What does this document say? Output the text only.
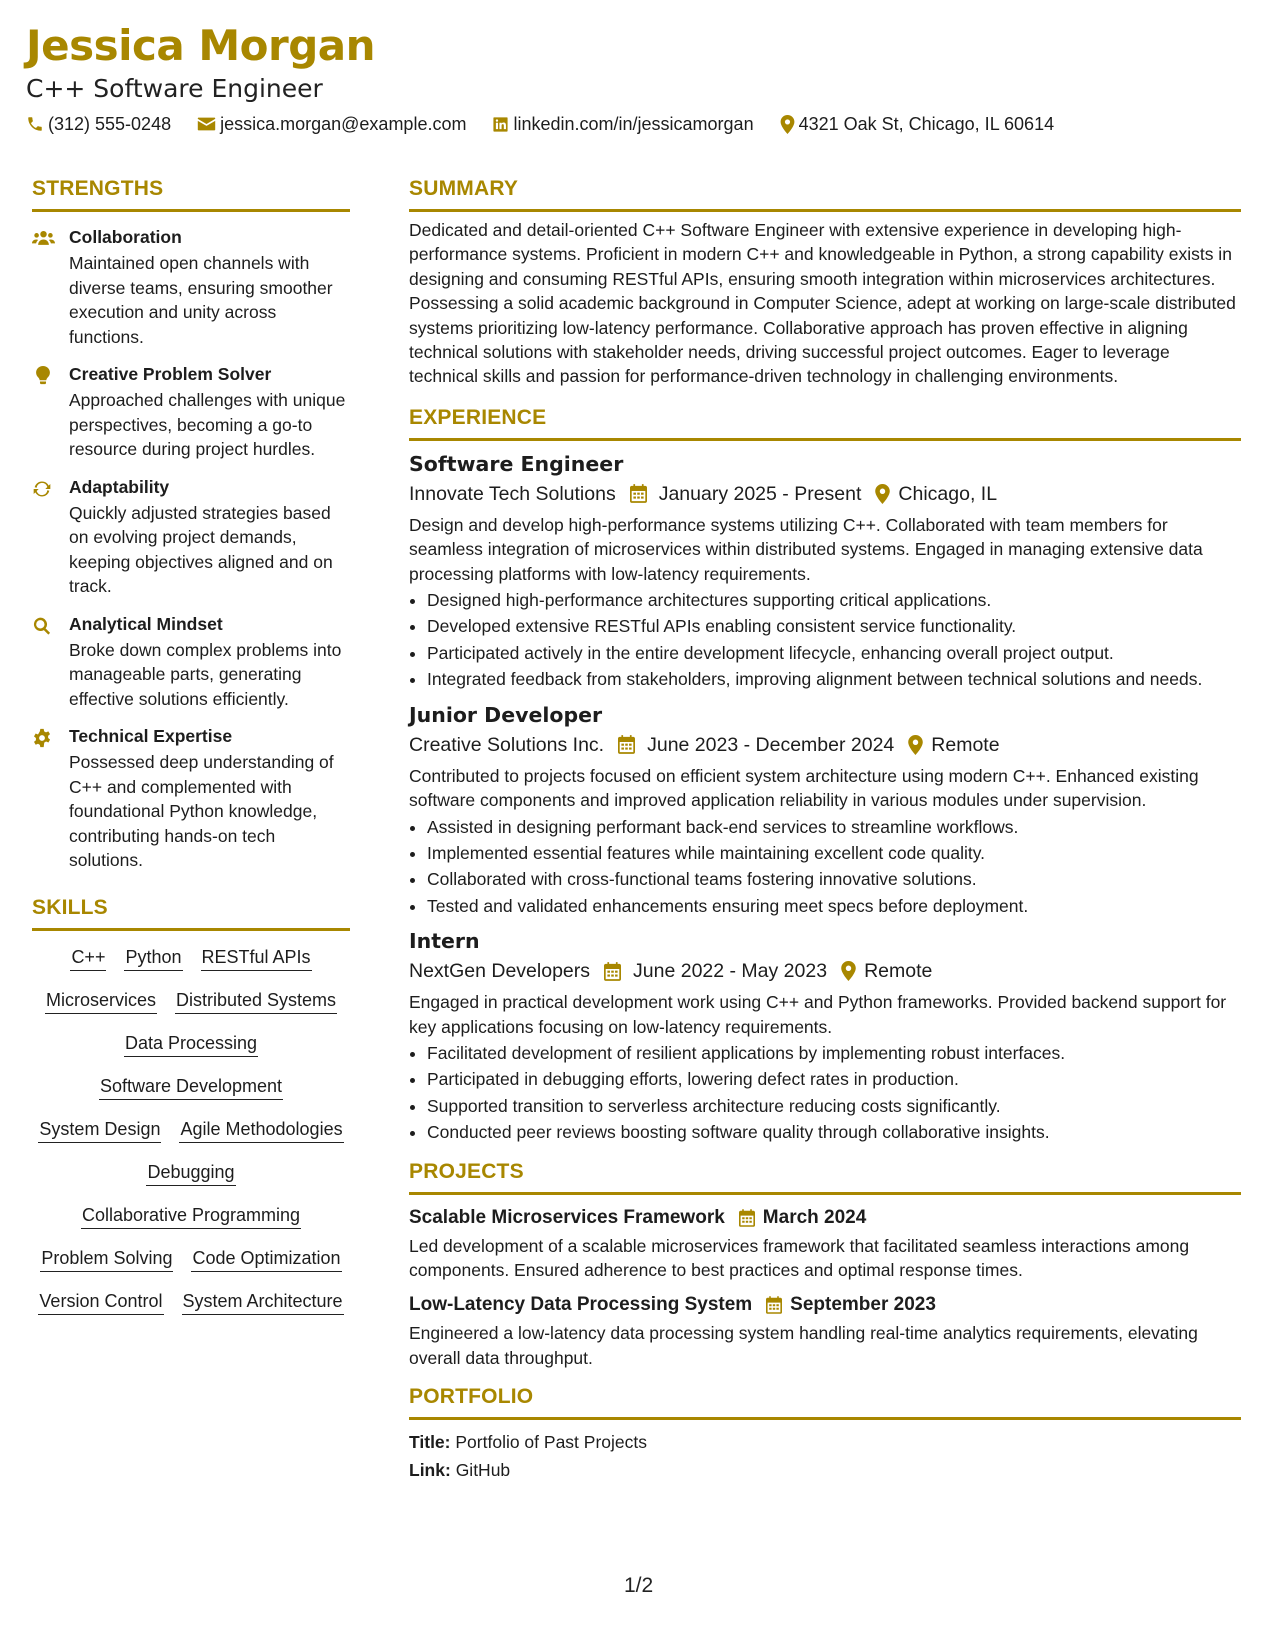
Jessica Morgan
C++ Software Engineer
(312) 555-0248	jessica.morgan@example.com	linkedin.com/in/jessicamorgan	4321 Oak St, Chicago, IL 60614
STRENGTHS
Collaboration
Maintained open channels with diverse teams, ensuring smoother execution and unity across functions.
Creative Problem Solver
Approached challenges with unique perspectives, becoming a go-to resource during project hurdles.
Adaptability
Quickly adjusted strategies based on evolving project demands, keeping objectives aligned and on track.
Analytical Mindset
Broke down complex problems into manageable parts, generating effective solutions efficiently.
Technical Expertise
Possessed deep understanding of C++ and complemented with foundational Python knowledge, contributing hands-on tech solutions.
SKILLS
C++ Python RESTful APIs
Microservices Distributed Systems
Data Processing
Software Development
System Design Agile Methodologies
Debugging
Collaborative Programming
Problem Solving Code Optimization
Version Control System Architecture
SUMMARY
Dedicated and detail-oriented C++ Software Engineer with extensive experience in developing high-performance systems. Proficient in modern C++ and knowledgeable in Python, a strong capability exists in designing and consuming RESTful APIs, ensuring smooth integration within microservices architectures. Possessing a solid academic background in Computer Science, adept at working on large-scale distributed systems prioritizing low-latency performance. Collaborative approach has proven effective in aligning technical solutions with stakeholder needs, driving successful project outcomes. Eager to leverage technical skills and passion for performance-driven technology in challenging environments.
EXPERIENCE
Software Engineer
Innovate Tech Solutions January 2025 - Present Chicago, IL
Design and develop high-performance systems utilizing C++. Collaborated with team members for seamless integration of microservices within distributed systems. Engaged in managing extensive data processing platforms with low-latency requirements.
• Designed high-performance architectures supporting critical applications.
• Developed extensive RESTful APIs enabling consistent service functionality.
• Participated actively in the entire development lifecycle, enhancing overall project output.
• Integrated feedback from stakeholders, improving alignment between technical solutions and needs.
Junior Developer
Creative Solutions Inc. June 2023 - December 2024 Remote
Contributed to projects focused on efficient system architecture using modern C++. Enhanced existing software components and improved application reliability in various modules under supervision.
• Assisted in designing performant back-end services to streamline workflows.
• Implemented essential features while maintaining excellent code quality.
• Collaborated with cross-functional teams fostering innovative solutions.
• Tested and validated enhancements ensuring meet specs before deployment.
Intern
NextGen Developers June 2022 - May 2023 Remote
Engaged in practical development work using C++ and Python frameworks. Provided backend support for key applications focusing on low-latency requirements.
• Facilitated development of resilient applications by implementing robust interfaces.
• Participated in debugging efforts, lowering defect rates in production.
• Supported transition to serverless architecture reducing costs significantly.
• Conducted peer reviews boosting software quality through collaborative insights.
PROJECTS
Scalable Microservices Framework March 2024
Led development of a scalable microservices framework that facilitated seamless interactions among components. Ensured adherence to best practices and optimal response times.
Low-Latency Data Processing System September 2023
Engineered a low-latency data processing system handling real-time analytics requirements, elevating overall data throughput.
PORTFOLIO
Title: Portfolio of Past Projects
Link: GitHub
1/2
